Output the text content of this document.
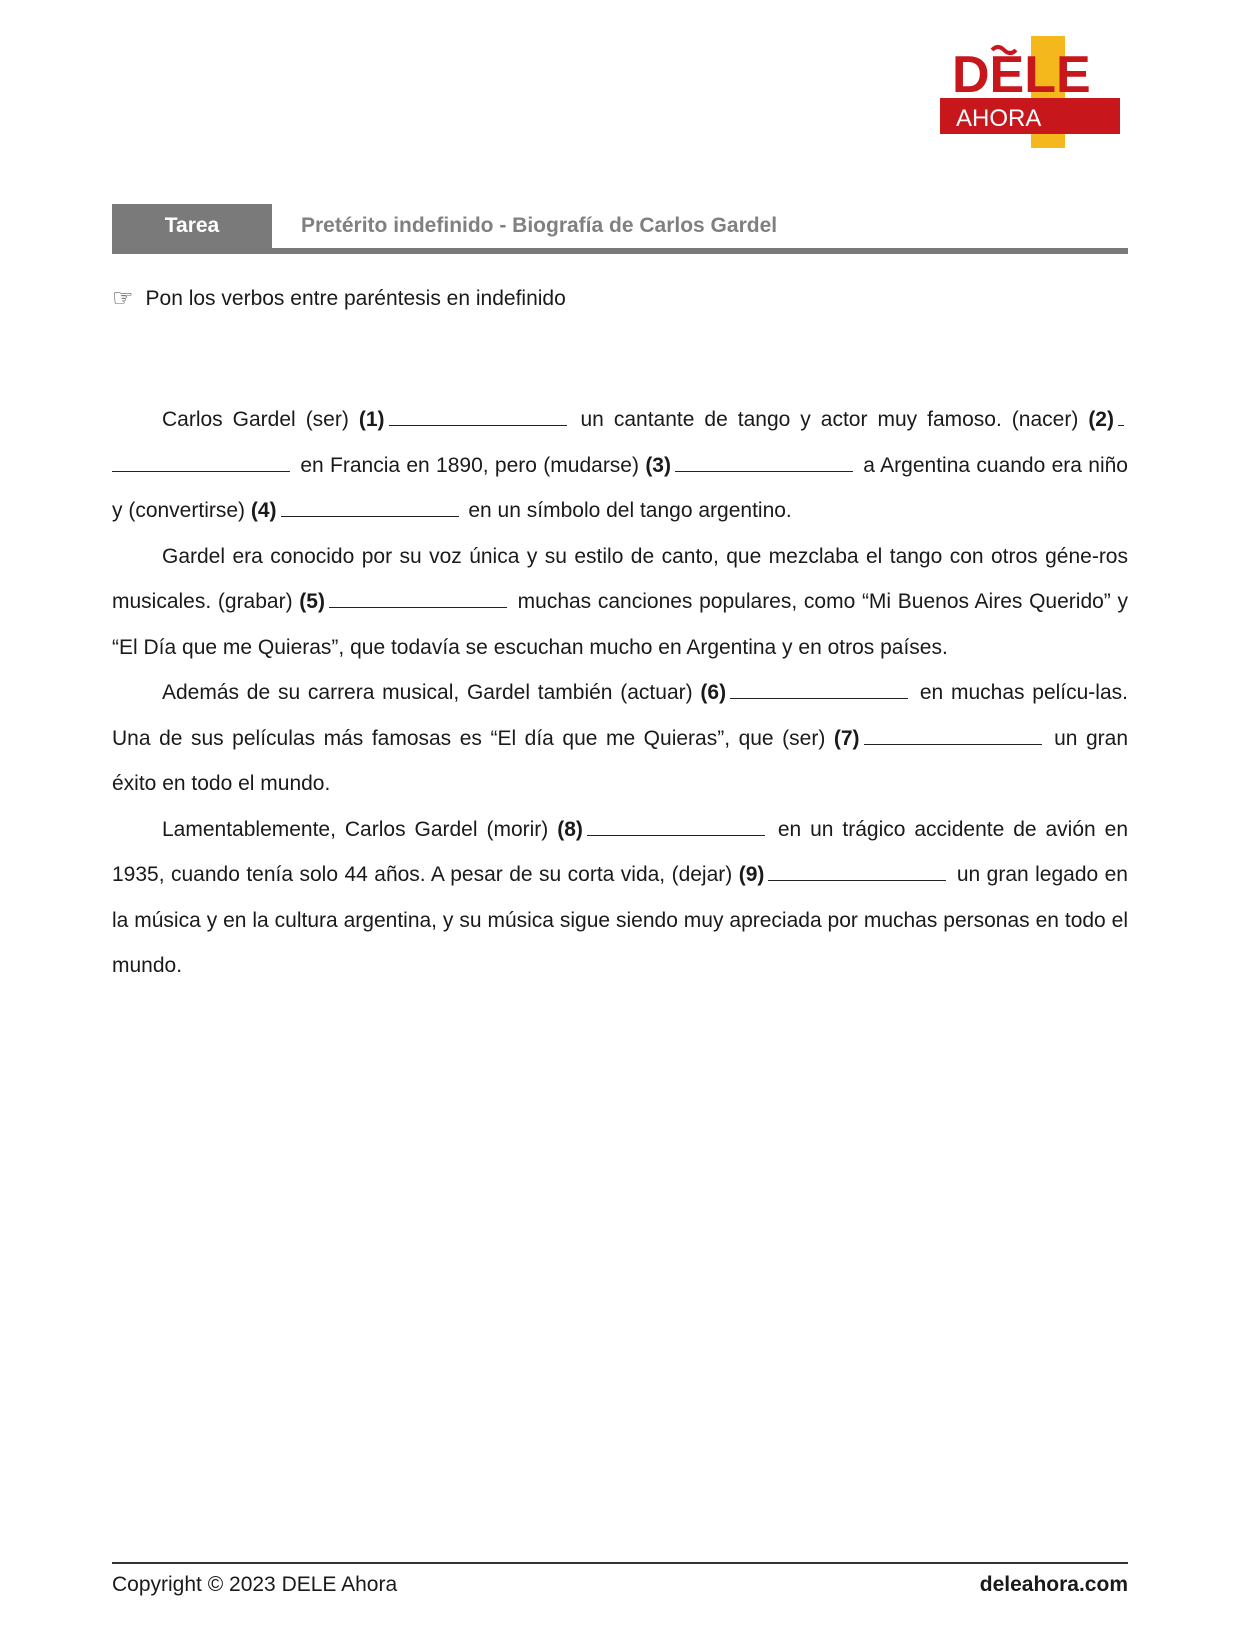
DELE
AHORA
Tarea	Pretérito indefinido - Biografía de Carlos Gardel
☞ Pon los verbos entre paréntesis en indefinido

Carlos Gardel (ser) (1)	un cantante de tango y actor muy famoso. (nacer) (2) en Francia en 1890, pero (mudarse) (3)	a Argentina cuando era niño y (convertirse) (4)	en un símbolo del tango argentino.

Gardel era conocido por su voz única y su estilo de canto, que mezclaba el tango con otros géne-ros musicales. (grabar) (5)	muchas canciones populares, como “Mi Buenos Aires Querido” y “El Día que me Quieras”, que todavía se escuchan mucho en Argentina y en otros países.

Además de su carrera musical, Gardel también (actuar) (6)	en muchas pelícu-las. Una de sus películas más famosas es “El día que me Quieras”, que (ser) (7)	un gran éxito en todo el mundo.

Lamentablemente, Carlos Gardel (morir) (8)	en un trágico accidente de avión en 1935, cuando tenía solo 44 años. A pesar de su corta vida, (dejar) (9)	un gran legado en la música y en la cultura argentina, y su música sigue siendo muy apreciada por muchas personas en todo el mundo.

Copyright © 2023 DELE Ahora	deleahora.com
